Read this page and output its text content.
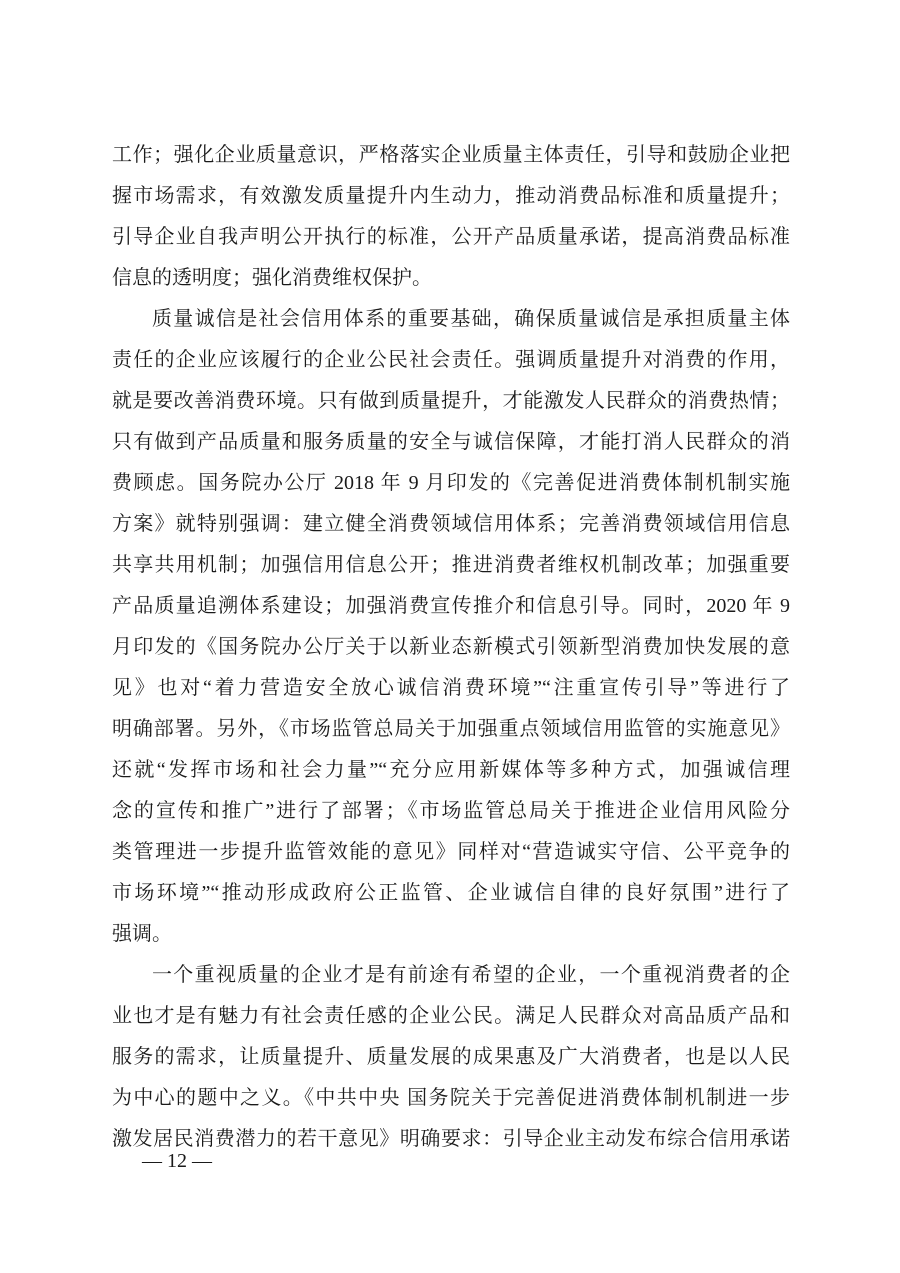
工作；强化企业质量意识，严格落实企业质量主体责任，引导和鼓励企业把
握市场需求，有效激发质量提升内生动力，推动消费品标准和质量提升；
引导企业自我声明公开执行的标准，公开产品质量承诺，提高消费品标准
信息的透明度；强化消费维权保护。
质量诚信是社会信用体系的重要基础，确保质量诚信是承担质量主体
责任的企业应该履行的企业公民社会责任。强调质量提升对消费的作用，
就是要改善消费环境。只有做到质量提升，才能激发人民群众的消费热情；
只有做到产品质量和服务质量的安全与诚信保障，才能打消人民群众的消
费顾虑。国务院办公厅 2018 年 9 月印发的《完善促进消费体制机制实施
方案》就特别强调：建立健全消费领域信用体系；完善消费领域信用信息
共享共用机制；加强信用信息公开；推进消费者维权机制改革；加强重要
产品质量追溯体系建设；加强消费宣传推介和信息引导。同时，2020 年 9
月印发的《国务院办公厅关于以新业态新模式引领新型消费加快发展的意
见》也对“着力营造安全放心诚信消费环境”“注重宣传引导”等进行了
明确部署。另外，《市场监管总局关于加强重点领域信用监管的实施意见》
还就“发挥市场和社会力量”“充分应用新媒体等多种方式，加强诚信理
念的宣传和推广”进行了部署；《市场监管总局关于推进企业信用风险分
类管理进一步提升监管效能的意见》同样对“营造诚实守信、公平竞争的
市场环境”“推动形成政府公正监管、企业诚信自律的良好氛围”进行了
强调。
一个重视质量的企业才是有前途有希望的企业，一个重视消费者的企
业也才是有魅力有社会责任感的企业公民。满足人民群众对高品质产品和
服务的需求，让质量提升、质量发展的成果惠及广大消费者，也是以人民
为中心的题中之义。《中共中央 国务院关于完善促进消费体制机制进一步
激发居民消费潜力的若干意见》明确要求：引导企业主动发布综合信用承诺
— 12 —
